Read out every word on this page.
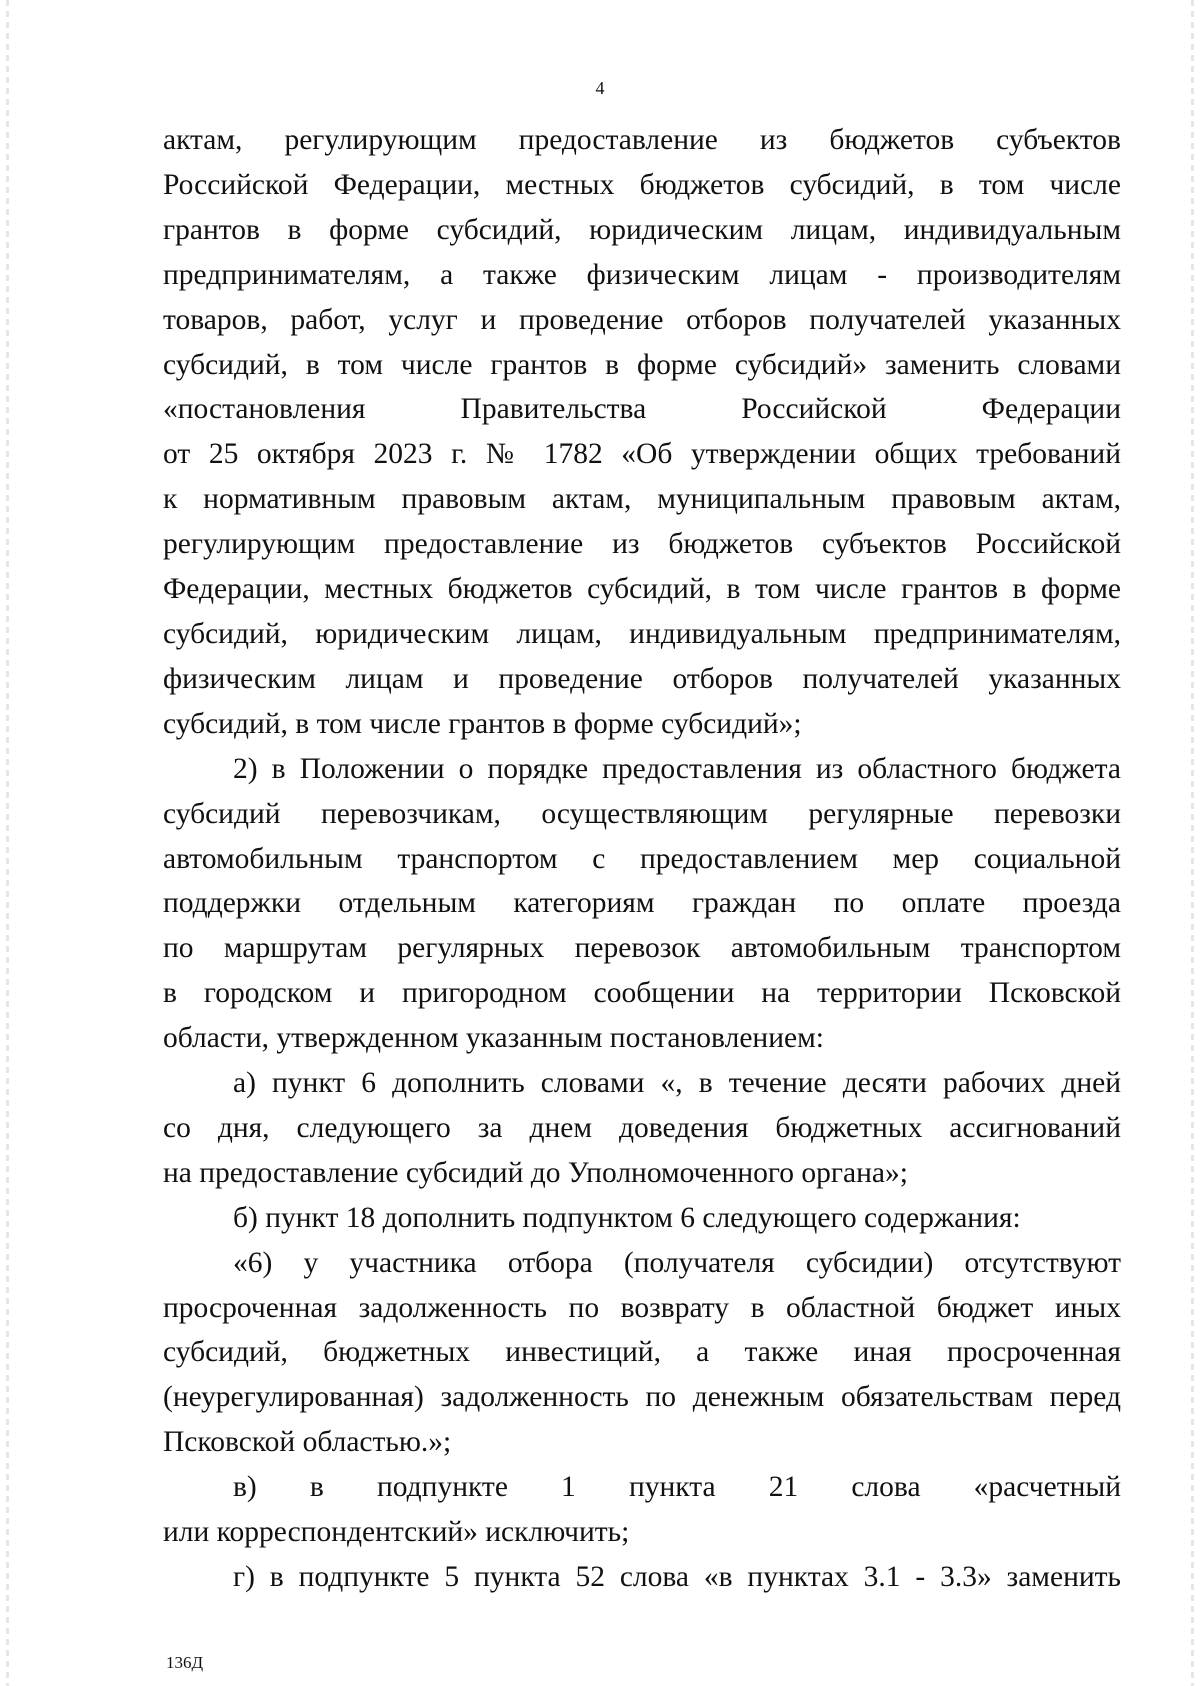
4
актам, регулирующим предоставление из бюджетов субъектов
Российской Федерации, местных бюджетов субсидий, в том числе
грантов в форме субсидий, юридическим лицам, индивидуальным
предпринимателям, а также физическим лицам - производителям
товаров, работ, услуг и проведение отборов получателей указанных
субсидий, в том числе грантов в форме субсидий» заменить словами
«постановления Правительства Российской Федерации
от 25 октября 2023 г. № 1782 «Об утверждении общих требований
к нормативным правовым актам, муниципальным правовым актам,
регулирующим предоставление из бюджетов субъектов Российской
Федерации, местных бюджетов субсидий, в том числе грантов в форме
субсидий, юридическим лицам, индивидуальным предпринимателям,
физическим лицам и проведение отборов получателей указанных
субсидий, в том числе грантов в форме субсидий»;
2) в Положении о порядке предоставления из областного бюджета
субсидий перевозчикам, осуществляющим регулярные перевозки
автомобильным транспортом с предоставлением мер социальной
поддержки отдельным категориям граждан по оплате проезда
по маршрутам регулярных перевозок автомобильным транспортом
в городском и пригородном сообщении на территории Псковской
области, утвержденном указанным постановлением:
а) пункт 6 дополнить словами «, в течение десяти рабочих дней
со дня, следующего за днем доведения бюджетных ассигнований
на предоставление субсидий до Уполномоченного органа»;
б) пункт 18 дополнить подпунктом 6 следующего содержания:
«6) у участника отбора (получателя субсидии) отсутствуют
просроченная задолженность по возврату в областной бюджет иных
субсидий, бюджетных инвестиций, а также иная просроченная
(неурегулированная) задолженность по денежным обязательствам перед
Псковской областью.»;
в) в подпункте 1 пункта 21 слова «расчетный
или корреспондентский» исключить;
г) в подпункте 5 пункта 52 слова «в пунктах 3.1 - 3.3» заменить
136Д
